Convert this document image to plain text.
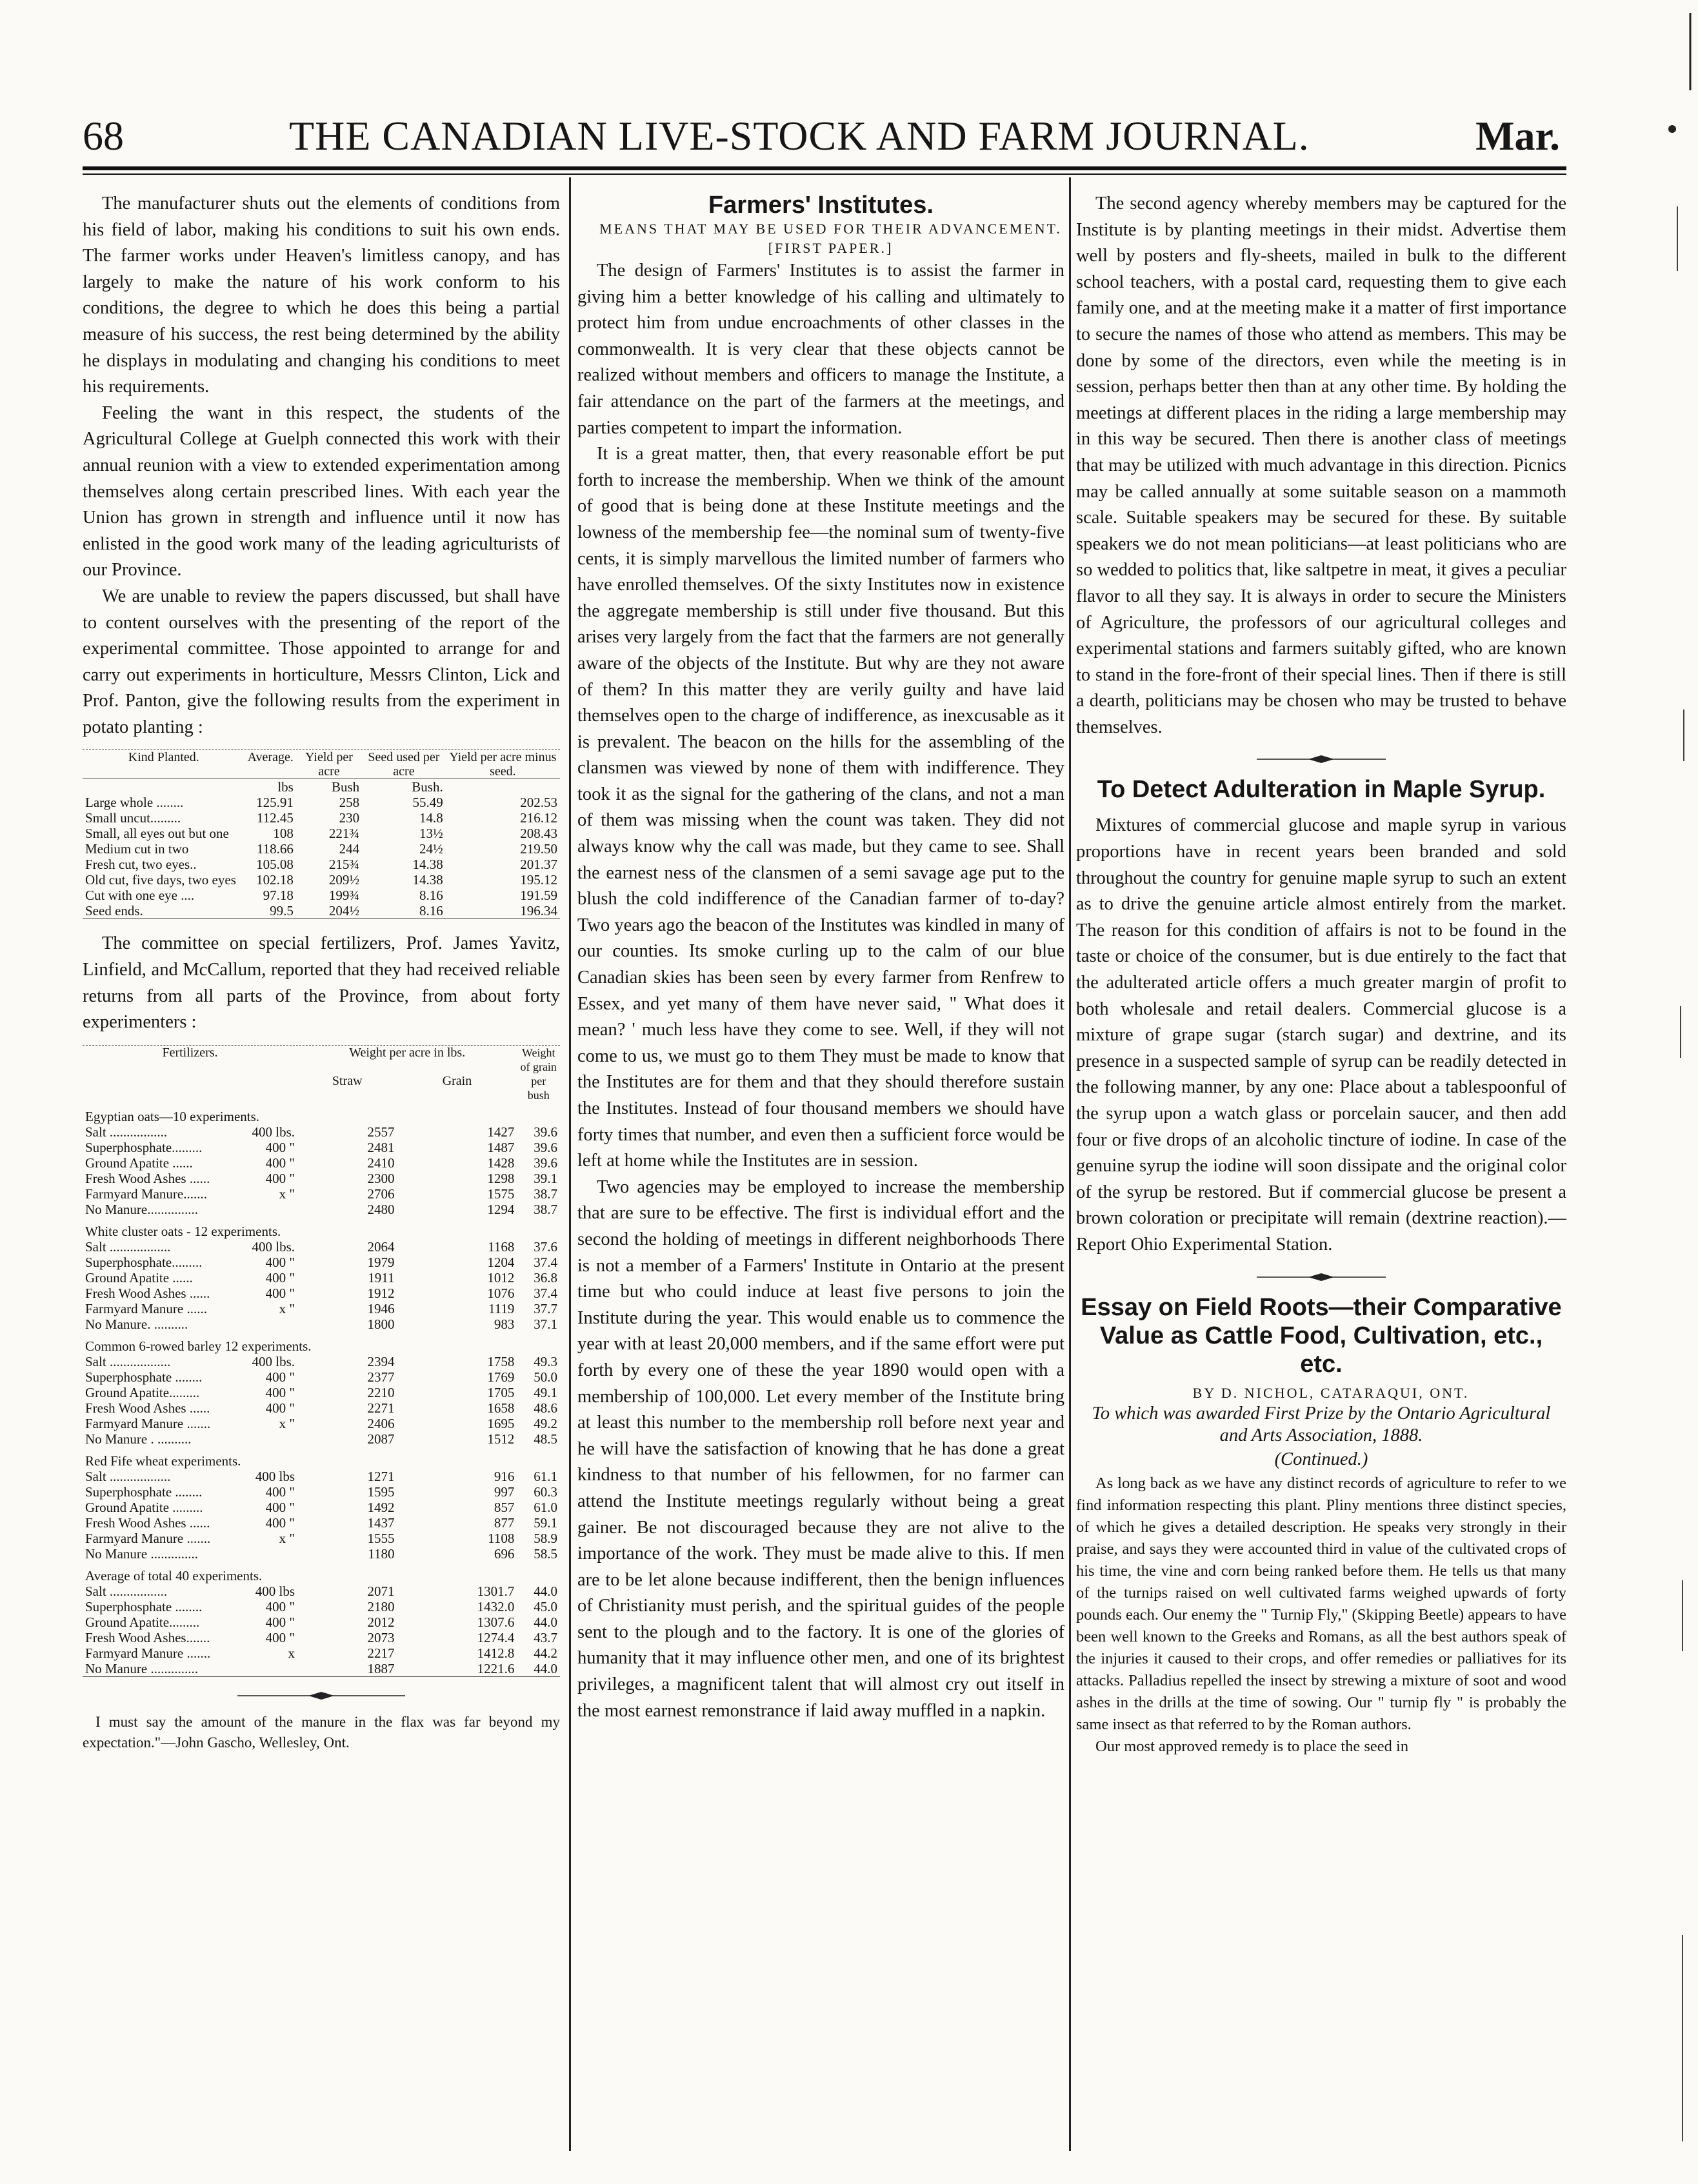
68	THE CANADIAN LIVE-STOCK AND FARM JOURNAL.	Mar.

The manufacturer shuts out the elements of conditions from his field of labor, making his conditions to suit his own ends. The farmer works under Heaven's limitless canopy, and has largely to make the nature of his work conform to his conditions, the degree to which he does this being a partial measure of his success, the rest being determined by the ability he displays in modulating and changing his conditions to meet his requirements.

Feeling the want in this respect, the students of the Agricultural College at Guelph connected this work with their annual reunion with a view to extended experimentation among themselves along certain prescribed lines. With each year the Union has grown in strength and influence until it now has enlisted in the good work many of the leading agriculturists of our Province.

We are unable to review the papers discussed, but shall have to content ourselves with the presenting of the report of the experimental committee. Those appointed to arrange for and carry out experiments in horticulture, Messrs Clinton, Lick and Prof. Panton, give the following results from the experiment in potato planting :

Kind Planted.	Average.	Yield per acre	Seed used per acre	Yield per acre minus seed.
	lbs	Bush	Bush.	
Large whole ........	125.91	258	55.49	202.53
Small uncut.........	112.45	230	14.8	216.12
Small, all eyes out but one	108	221¾	13½	208.43
Medium cut in two	118.66	244	24½	219.50
Fresh cut, two eyes..	105.08	215¾	14.38	201.37
Old cut, five days, two eyes	102.18	209½	14.38	195.12
Cut with one eye ....	97.18	199¾	8.16	191.59
Seed ends.	99.5	204½	8.16	196.34

The committee on special fertilizers, Prof. James Yavitz, Linfield, and McCallum, reported that they had received reliable returns from all parts of the Province, from about forty experimenters :

Fertilizers.	Weight per acre in lbs.		Weight of grain per bush
	Straw	Grain	
Egyptian oats—10 experiments.			
Salt ................. 400 lbs.	2557	1427	39.6
Superphosphate......... 400 "	2481	1487	39.6
Ground Apatite ...... 400 "	2410	1428	39.6
Fresh Wood Ashes ...... 400 "	2300	1298	39.1
Farmyard Manure....... x "	2706	1575	38.7
No Manure...............	2480	1294	38.7
White cluster oats - 12 experiments.			
Salt .................. 400 lbs.	2064	1168	37.6
Superphosphate......... 400 "	1979	1204	37.4
Ground Apatite ...... 400 "	1911	1012	36.8
Fresh Wood Ashes ...... 400 "	1912	1076	37.4
Farmyard Manure ...... x "	1946	1119	37.7
No Manure. ..........	1800	983	37.1
Common 6-rowed barley 12 experiments.			
Salt .................. 400 lbs.	2394	1758	49.3
Superphosphate ........ 400 "	2377	1769	50.0
Ground Apatite......... 400 "	2210	1705	49.1
Fresh Wood Ashes ...... 400 "	2271	1658	48.6
Farmyard Manure ....... x "	2406	1695	49.2
No Manure . ..........	2087	1512	48.5
Red Fife wheat experiments.			
Salt .................. 400 lbs	1271	916	61.1
Superphosphate ........ 400 "	1595	997	60.3
Ground Apatite ......... 400 "	1492	857	61.0
Fresh Wood Ashes ...... 400 "	1437	877	59.1
Farmyard Manure ....... x "	1555	1108	58.9
No Manure ..............	1180	696	58.5
Average of total 40 experiments.			
Salt ................. 400 lbs	2071	1301.7	44.0
Superphosphate ........ 400 "	2180	1432.0	45.0
Ground Apatite......... 400 "	2012	1307.6	44.0
Fresh Wood Ashes....... 400 "	2073	1274.4	43.7
Farmyard Manure ....... x	2217	1412.8	44.2
No Manure ..............	1887	1221.6	44.0

I must say the amount of the manure in the flax was far beyond my expectation."—John Gascho, Wellesley, Ont.

Farmers' Institutes.

MEANS THAT MAY BE USED FOR THEIR ADVANCEMENT.

[FIRST PAPER.]

The design of Farmers' Institutes is to assist the farmer in giving him a better knowledge of his calling and ultimately to protect him from undue encroachments of other classes in the commonwealth. It is very clear that these objects cannot be realized without members and officers to manage the Institute, a fair attendance on the part of the farmers at the meetings, and parties competent to impart the information.

It is a great matter, then, that every reasonable effort be put forth to increase the membership. When we think of the amount of good that is being done at these Institute meetings and the lowness of the membership fee—the nominal sum of twenty-five cents, it is simply marvellous the limited number of farmers who have enrolled themselves. Of the sixty Institutes now in existence the aggregate membership is still under five thousand. But this arises very largely from the fact that the farmers are not generally aware of the objects of the Institute. But why are they not aware of them? In this matter they are verily guilty and have laid themselves open to the charge of indifference, as inexcusable as it is prevalent. The beacon on the hills for the assembling of the clansmen was viewed by none of them with indifference. They took it as the signal for the gathering of the clans, and not a man of them was missing when the count was taken. They did not always know why the call was made, but they came to see. Shall the earnest ness of the clansmen of a semi savage age put to the blush the cold indifference of the Canadian farmer of to-day? Two years ago the beacon of the Institutes was kindled in many of our counties. Its smoke curling up to the calm of our blue Canadian skies has been seen by every farmer from Renfrew to Essex, and yet many of them have never said, " What does it mean? ' much less have they come to see. Well, if they will not come to us, we must go to them They must be made to know that the Institutes are for them and that they should therefore sustain the Institutes. Instead of four thousand members we should have forty times that number, and even then a sufficient force would be left at home while the Institutes are in session.

Two agencies may be employed to increase the membership that are sure to be effective. The first is individual effort and the second the holding of meetings in different neighborhoods There is not a member of a Farmers' Institute in Ontario at the present time but who could induce at least five persons to join the Institute during the year. This would enable us to commence the year with at least 20,000 members, and if the same effort were put forth by every one of these the year 1890 would open with a membership of 100,000. Let every member of the Institute bring at least this number to the membership roll before next year and he will have the satisfaction of knowing that he has done a great kindness to that number of his fellowmen, for no farmer can attend the Institute meetings regularly without being a great gainer. Be not discouraged because they are not alive to the importance of the work. They must be made alive to this. If men are to be let alone because indifferent, then the benign influences of Christianity must perish, and the spiritual guides of the people sent to the plough and to the factory. It is one of the glories of humanity that it may influence other men, and one of its brightest privileges, a magnificent talent that will almost cry out itself in the most earnest remonstrance if laid away muffled in a napkin.

The second agency whereby members may be captured for the Institute is by planting meetings in their midst. Advertise them well by posters and fly-sheets, mailed in bulk to the different school teachers, with a postal card, requesting them to give each family one, and at the meeting make it a matter of first importance to secure the names of those who attend as members. This may be done by some of the directors, even while the meeting is in session, perhaps better then than at any other time. By holding the meetings at different places in the riding a large membership may in this way be secured. Then there is another class of meetings that may be utilized with much advantage in this direction. Picnics may be called annually at some suitable season on a mammoth scale. Suitable speakers may be secured for these. By suitable speakers we do not mean politicians—at least politicians who are so wedded to politics that, like saltpetre in meat, it gives a peculiar flavor to all they say. It is always in order to secure the Ministers of Agriculture, the professors of our agricultural colleges and experimental stations and farmers suitably gifted, who are known to stand in the fore-front of their special lines. Then if there is still a dearth, politicians may be chosen who may be trusted to behave themselves.

To Detect Adulteration in Maple Syrup.

Mixtures of commercial glucose and maple syrup in various proportions have in recent years been branded and sold throughout the country for genuine maple syrup to such an extent as to drive the genuine article almost entirely from the market. The reason for this condition of affairs is not to be found in the taste or choice of the consumer, but is due entirely to the fact that the adulterated article offers a much greater margin of profit to both wholesale and retail dealers. Commercial glucose is a mixture of grape sugar (starch sugar) and dextrine, and its presence in a suspected sample of syrup can be readily detected in the following manner, by any one: Place about a tablespoonful of the syrup upon a watch glass or porcelain saucer, and then add four or five drops of an alcoholic tincture of iodine. In case of the genuine syrup the iodine will soon dissipate and the original color of the syrup be restored. But if commercial glucose be present a brown coloration or precipitate will remain (dextrine reaction).—Report Ohio Experimental Station.

Essay on Field Roots—their Comparative Value as Cattle Food, Cultivation, etc., etc.

BY D. NICHOL, CATARAQUI, ONT.

To which was awarded First Prize by the Ontario Agricultural and Arts Association, 1888.

(Continued.)

As long back as we have any distinct records of agriculture to refer to we find information respecting this plant. Pliny mentions three distinct species, of which he gives a detailed description. He speaks very strongly in their praise, and says they were accounted third in value of the cultivated crops of his time, the vine and corn being ranked before them. He tells us that many of the turnips raised on well cultivated farms weighed upwards of forty pounds each. Our enemy the " Turnip Fly," (Skipping Beetle) appears to have been well known to the Greeks and Romans, as all the best authors speak of the injuries it caused to their crops, and offer remedies or palliatives for its attacks. Palladius repelled the insect by strewing a mixture of soot and wood ashes in the drills at the time of sowing. Our " turnip fly " is probably the same insect as that referred to by the Roman authors.

Our most approved remedy is to place the seed in
